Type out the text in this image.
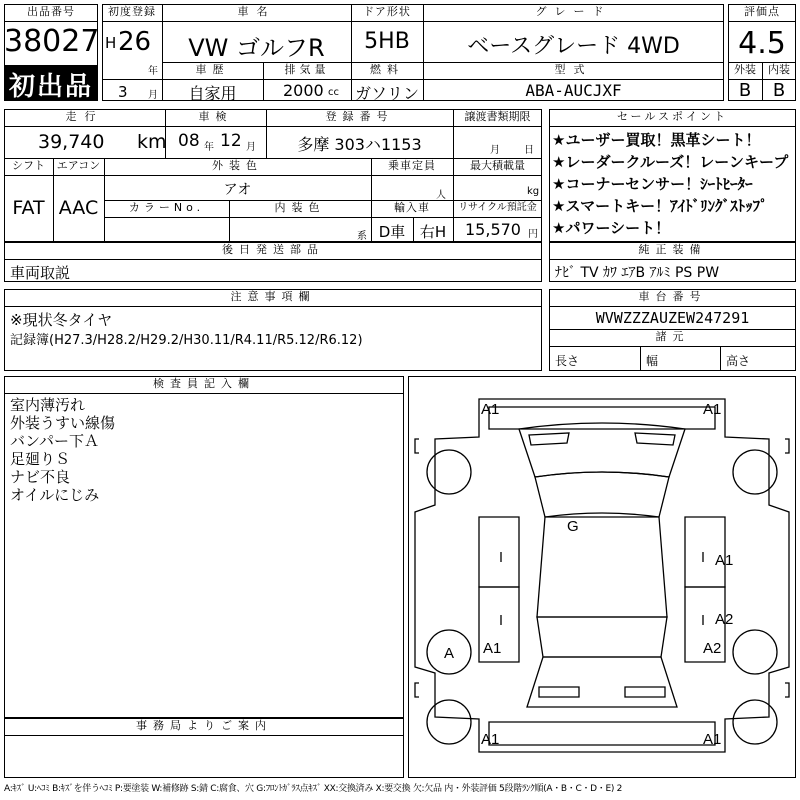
出品番号
38027
初出品
初度登録
H 26
年
3 月
車名
VW ゴルフR
ドア形状
5HB
グレード
ベースグレード 4WD
車歴
自家用
排気量
2000 cc
燃料
ガソリン
型式
ABA-AUCJXF
評価点
4.5
外装	内装
B	B
走行
39,740 km
車検
08 年 12 月
登録番号
多摩 303ハ1153
譲渡書類期限
月 日
シフト
FAT
エアコン
AAC
外装色
アオ
乗車定員
人
最大積載量
kg
カラーNo.	内装色
系
輸入車
D車 右H
リサイクル預託金
15,570 円
セールスポイント
★ユーザー買取！黒革シート！
★レーダークルーズ！レーンキープ
★コーナーセンサー！ｼｰﾄﾋｰﾀｰ
★スマートキー！ｱｲﾄﾞﾘﾝｸﾞｽﾄｯﾌﾟ
★パワーシート！
後日発送部品
車両取説
純正装備
ﾅﾋﾞ TV ｶﾜ ｴｱB ｱﾙﾐ PS PW
注意事項欄
※現状冬タイヤ
記録簿(H27.3/H28.2/H29.2/H30.11/R4.11/R5.12/R6.12)
車台番号
WVWZZZAUZEW247291
諸元
長さ	幅	高さ
検査員記入欄
室内薄汚れ
外装うすい線傷
バンパー下Ａ
足廻りＳ
ナビ不良
オイルにじみ
事務局よりご案内
A1	A1
G
A1
A2
A A1	A2
A1	A1
A:ｷｽﾞ U:ﾍｺﾐ B:ｷｽﾞを伴うﾍｺﾐ P:要塗装 W:補修跡 S:錆 C:腐食、穴 G:ﾌﾛﾝﾄｶﾞﾗｽ点ｷｽﾞ XX:交換済み X:要交換 欠:欠品 内・外装評価 5段階ﾗﾝｸ順(A・B・C・D・E) 2
